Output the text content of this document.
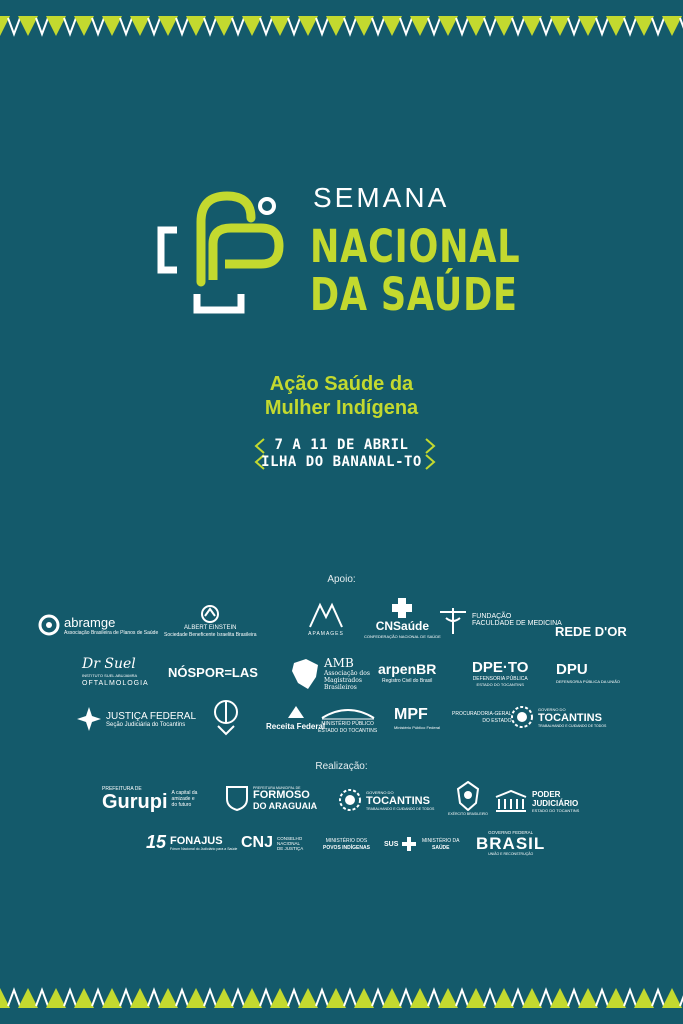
SEMANA
NACIONAL
DA SAÚDE
Ação Saúde da
Mulher Indígena
7 A 11 DE ABRIL
ILHA DO BANANAL-TO
Apoio:
abramge
Associação Brasileira de Planos de Saúde
ALBERT EINSTEIN
Sociedade Beneficente Israelita Brasileira	APAMAGES
CNSaúde
CONFEDERAÇÃO NACIONAL DE SAÚDE
FUNDAÇÃO
FACULDADE DE MEDICINA
REDE D'OR
Dr Suel
INSTITUTO SUEL ABUJAMRA
OFTALMOLOGIA
NÓSPOR=LAS
AMB
Associação dos Magistrados Brasileiros
arpenBR
Registro Civil do Brasil
DPE·TO
DEFENSORIA PÚBLICA
ESTADO DO TOCANTINS
DPU
DEFENSORIA PÚBLICA DA UNIÃO
JUSTIÇA FEDERAL
Seção Judiciária do Tocantins	Receita Federal
MINISTÉRIO PÚBLICO
ESTADO DO TOCANTINS
MPF
Ministério Público Federal
PROCURADORIA-GERAL
DO ESTADO
GOVERNO DO
TOCANTINS
TRABALHANDO E CUIDANDO DE TODOS
Realização:
PREFEITURA DE
Gurupi A capital da amizade e do futuro
PREFEITURA MUNICIPAL DE
FORMOSO
DO ARAGUAIA
GOVERNO DO
TOCANTINS
TRABALHANDO E CUIDANDO DE TODOS
EXÉRCITO BRASILEIRO
PODER
JUDICIÁRIO
ESTADO DO TOCANTINS
15 FONAJUS
Fórum Nacional do Judiciário para a Saúde CNJ CONSELHO
NACIONAL
DE JUSTIÇA
MINISTÉRIO DOS
POVOS INDÍGENAS
SUS	MINISTÉRIO DA
SAÚDE
GOVERNO FEDERAL
BRASIL
UNIÃO E RECONSTRUÇÃO
